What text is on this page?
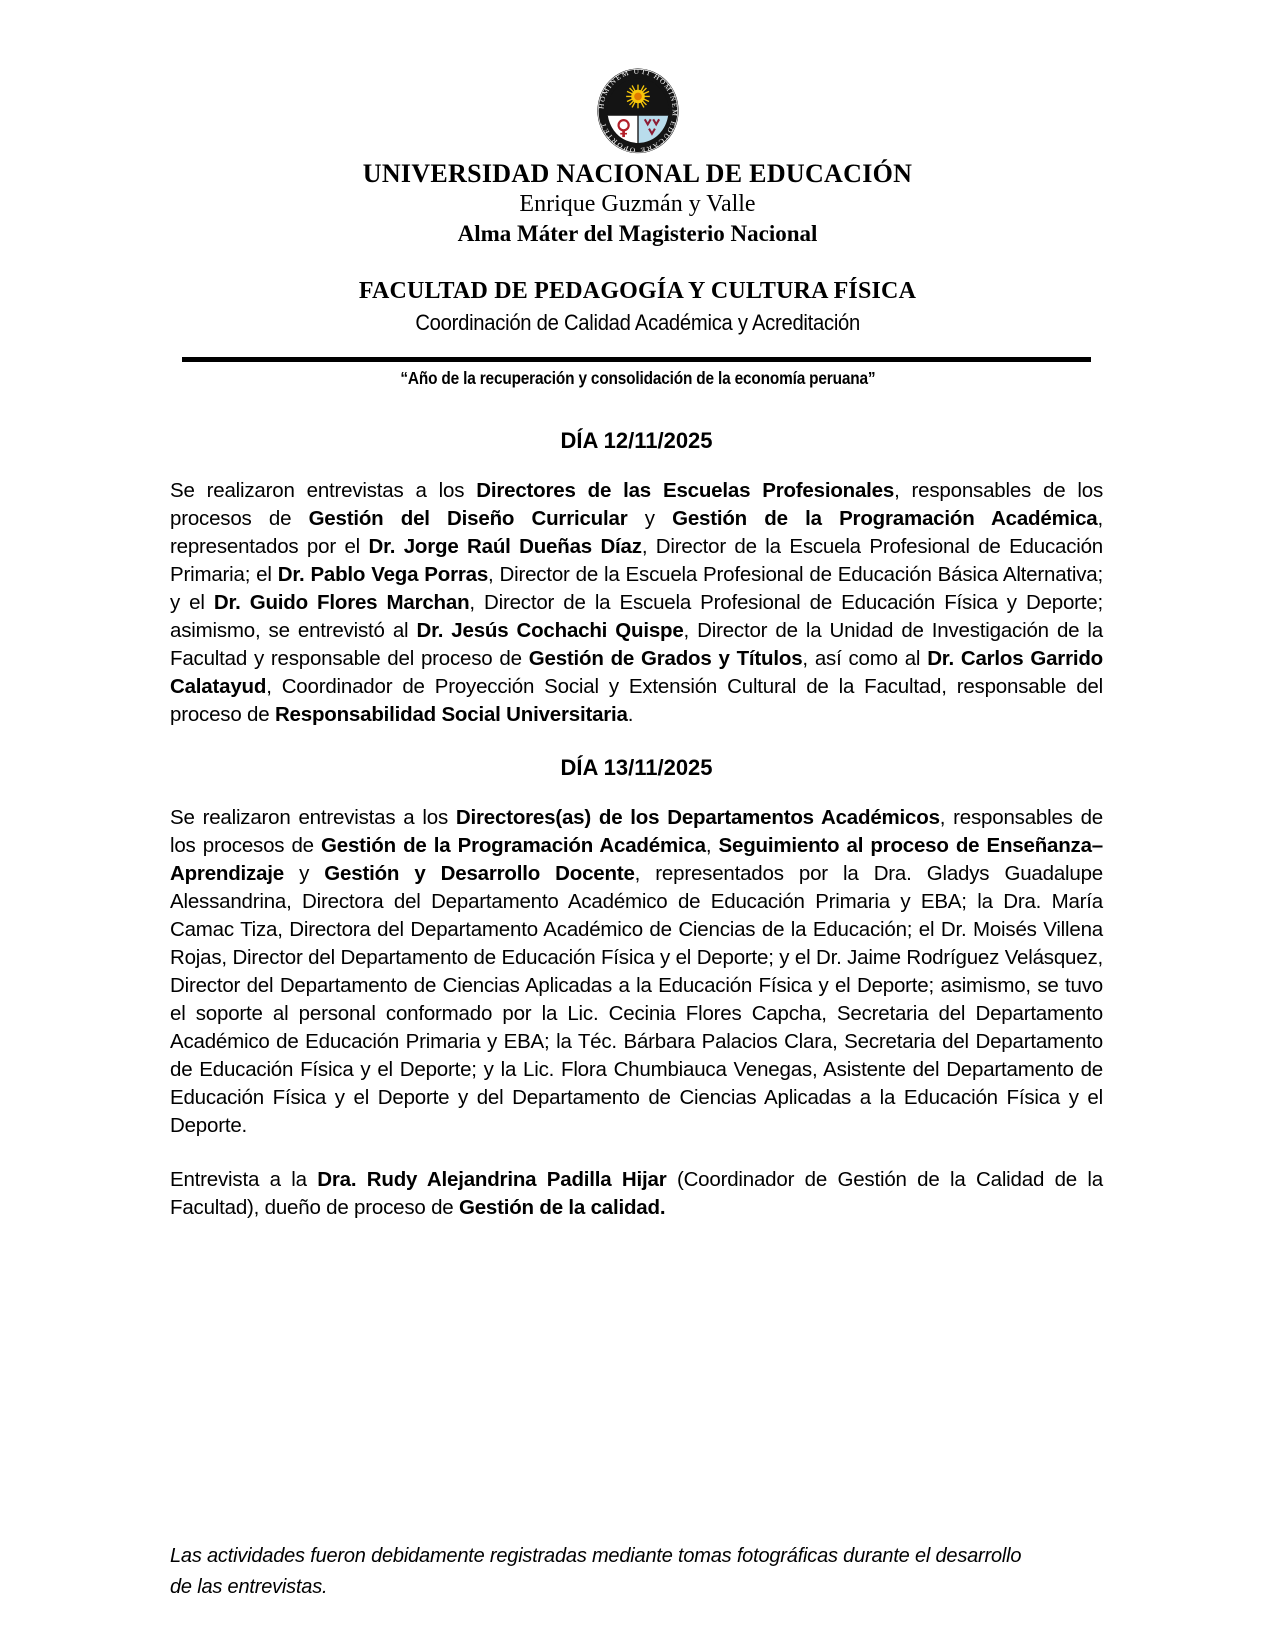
HOMINEM UTI HOMINEM EDUCARE OPORTET
UNIVERSIDAD NACIONAL DE EDUCACIÓN
Enrique Guzmán y Valle
Alma Máter del Magisterio Nacional
FACULTAD DE PEDAGOGÍA Y CULTURA FÍSICA
Coordinación de Calidad Académica y Acreditación
“Año de la recuperación y consolidación de la economía peruana”
DÍA 12/11/2025

Se realizaron entrevistas a los Directores de las Escuelas Profesionales, responsables de los procesos de Gestión del Diseño Curricular y Gestión de la Programación Académica, representados por el Dr. Jorge Raúl Dueñas Díaz, Director de la Escuela Profesional de Educación Primaria; el Dr. Pablo Vega Porras, Director de la Escuela Profesional de Educación Básica Alternativa; y el Dr. Guido Flores Marchan, Director de la Escuela Profesional de Educación Física y Deporte; asimismo, se entrevistó al Dr. Jesús Cochachi Quispe, Director de la Unidad de Investigación de la Facultad y responsable del proceso de Gestión de Grados y Títulos, así como al Dr. Carlos Garrido Calatayud, Coordinador de Proyección Social y Extensión Cultural de la Facultad, responsable del proceso de Responsabilidad Social Universitaria.

DÍA 13/11/2025

Se realizaron entrevistas a los Directores(as) de los Departamentos Académicos, responsables de los procesos de Gestión de la Programación Académica, Seguimiento al proceso de Enseñanza–Aprendizaje y Gestión y Desarrollo Docente, representados por la Dra. Gladys Guadalupe Alessandrina, Directora del Departamento Académico de Educación Primaria y EBA; la Dra. María Camac Tiza, Directora del Departamento Académico de Ciencias de la Educación; el Dr. Moisés Villena Rojas, Director del Departamento de Educación Física y el Deporte; y el Dr. Jaime Rodríguez Velásquez, Director del Departamento de Ciencias Aplicadas a la Educación Física y el Deporte; asimismo, se tuvo el soporte al personal conformado por la Lic. Cecinia Flores Capcha, Secretaria del Departamento Académico de Educación Primaria y EBA; la Téc. Bárbara Palacios Clara, Secretaria del Departamento de Educación Física y el Deporte; y la Lic. Flora Chumbiauca Venegas, Asistente del Departamento de Educación Física y el Deporte y del Departamento de Ciencias Aplicadas a la Educación Física y el Deporte.

Entrevista a la Dra. Rudy Alejandrina Padilla Hijar (Coordinador de Gestión de la Calidad de la Facultad), dueño de proceso de Gestión de la calidad.

Las actividades fueron debidamente registradas mediante tomas fotográficas durante el desarrollo de las entrevistas.
